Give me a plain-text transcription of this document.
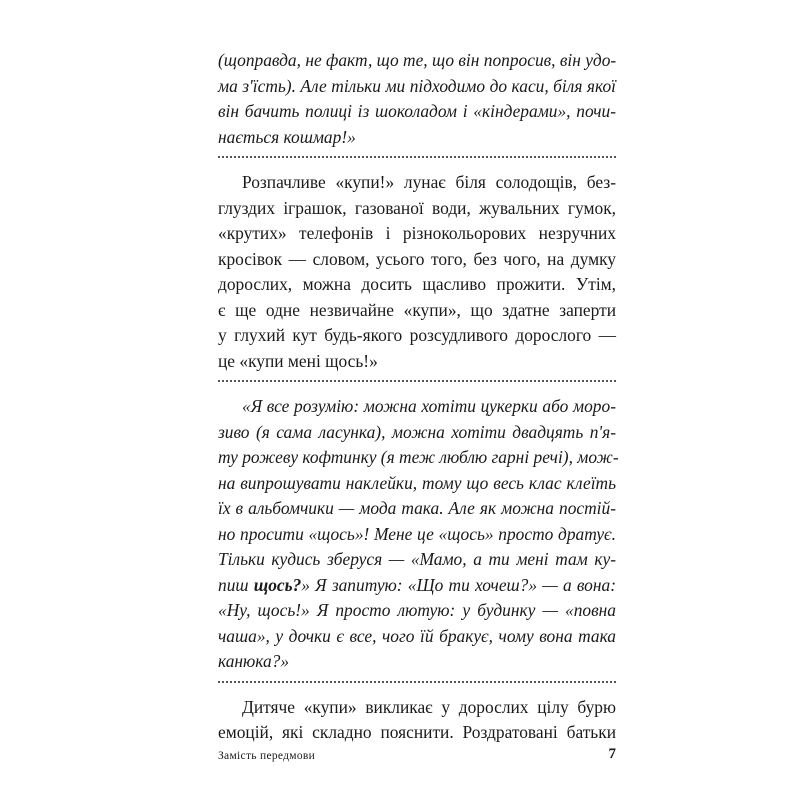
(щоправда, не факт, що те, що він попросив, він удо-
ма з'їсть). Але тільки ми підходимо до каси, біля якої
він бачить полиці із шоколадом і «кіндерами», почи-
нається кошмар!»
Розпачливе «купи!» лунає біля солодощів, без-
глуздих іграшок, газованої води, жувальних гумок,
«крутих» телефонів і різнокольорових незручних
кросівок — словом, усього того, без чого, на думку
дорослих, можна досить щасливо прожити. Утім,
є ще одне незвичайне «купи», що здатне заперти
у глухий кут будь-якого розсудливого дорослого —
це «купи мені щось!»
«Я все розумію: можна хотіти цукерки або моро-
зиво (я сама ласунка), можна хотіти двадцять п'я-
ту рожеву кофтинку (я теж люблю гарні речі), мож-
на випрошувати наклейки, тому що весь клас клеїть
їх в альбомчики — мода така. Але як можна постій-
но просити «щось»! Мене це «щось» просто дратує.
Тільки кудись зберуся — «Мамо, а ти мені там ку-
пиш щось?» Я запитую: «Що ти хочеш?» — а вона:
«Ну, щось!» Я просто лютую: у будинку — «повна
чаша», у дочки є все, чого їй бракує, чому вона така
канюка?»
Дитяче «купи» викликає у дорослих цілу бурю
емоцій, які складно пояснити. Роздратовані батьки
Замість передмови	7
